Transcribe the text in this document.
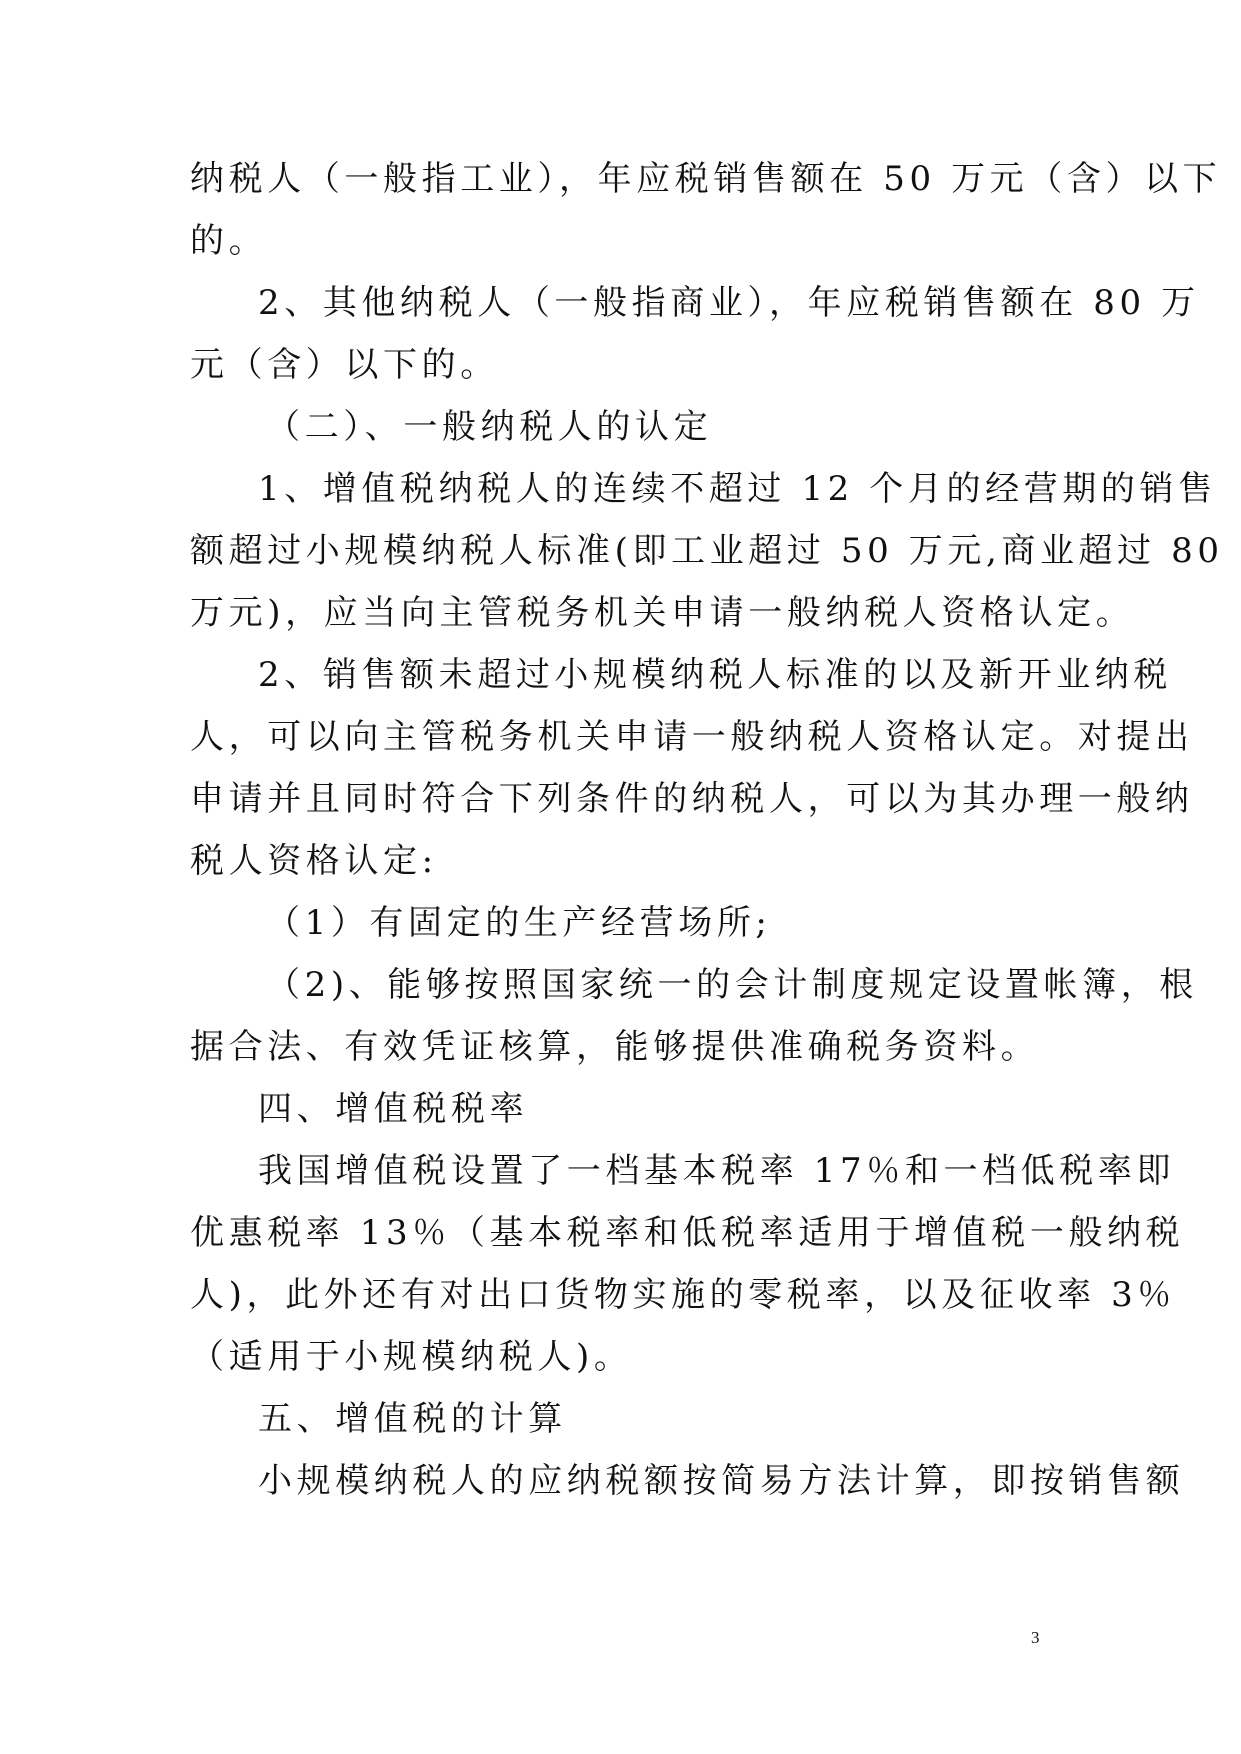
纳税人（一般指工业），年应税销售额在 50 万元（含）以下
的。
2、其他纳税人（一般指商业），年应税销售额在 80 万
元（含）以下的。
（二）、一般纳税人的认定
1、增值税纳税人的连续不超过 12 个月的经营期的销售
额超过小规模纳税人标准(即工业超过 50 万元,商业超过 80
万元)，应当向主管税务机关申请一般纳税人资格认定。
2、销售额未超过小规模纳税人标准的以及新开业纳税
人，可以向主管税务机关申请一般纳税人资格认定。对提出
申请并且同时符合下列条件的纳税人，可以为其办理一般纳
税人资格认定:
（1）有固定的生产经营场所;
（2)、能够按照国家统一的会计制度规定设置帐簿，根
据合法、有效凭证核算，能够提供准确税务资料。
四、增值税税率
我国增值税设置了一档基本税率 17％和一档低税率即
优惠税率 13％（基本税率和低税率适用于增值税一般纳税
人)，此外还有对出口货物实施的零税率，以及征收率 3％
（适用于小规模纳税人)。
五、增值税的计算
小规模纳税人的应纳税额按简易方法计算，即按销售额
3
